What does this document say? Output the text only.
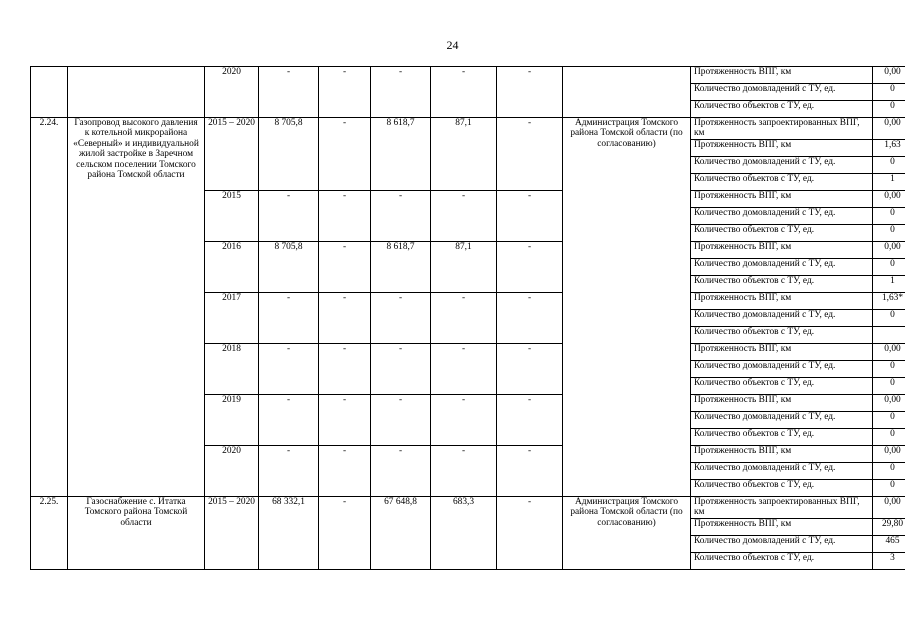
24
		2020	-	-	-	-	-		Протяженность ВПГ, км	0,00
									Количество домовладений с ТУ, ед.	0
									Количество объектов с ТУ, ед.	0
2.24.	Газопровод высокого давления к котельной микрорайона «Северный» и индивидуальной жилой застройке в Заречном сельском поселении Томского района Томской области	2015 – 2020	8 705,8	-	8 618,7	87,1	-	Администрация Томского района Томской области (по согласованию)	Протяженность запроектированных ВПГ, км	0,00
									Протяженность ВПГ, км	1,63
									Количество домовладений с ТУ, ед.	0
									Количество объектов с ТУ, ед.	1
		2015	-	-	-	-	-		Протяженность ВПГ, км	0,00
									Количество домовладений с ТУ, ед.	0
									Количество объектов с ТУ, ед.	0
		2016	8 705,8	-	8 618,7	87,1	-		Протяженность ВПГ, км	0,00
									Количество домовладений с ТУ, ед.	0
									Количество объектов с ТУ, ед.	1
		2017	-	-	-	-	-		Протяженность ВПГ, км	1,63*
									Количество домовладений с ТУ, ед.	0
									Количество объектов с ТУ, ед.	
		2018	-	-	-	-	-		Протяженность ВПГ, км	0,00
									Количество домовладений с ТУ, ед.	0
									Количество объектов с ТУ, ед.	0
		2019	-	-	-	-	-		Протяженность ВПГ, км	0,00
									Количество домовладений с ТУ, ед.	0
									Количество объектов с ТУ, ед.	0
		2020	-	-	-	-	-		Протяженность ВПГ, км	0,00
									Количество домовладений с ТУ, ед.	0
									Количество объектов с ТУ, ед.	0
2.25.	Газоснабжение с. Итатка Томского района Томской области	2015 – 2020	68 332,1	-	67 648,8	683,3	-	Администрация Томского района Томской области (по согласованию)	Протяженность запроектированных ВПГ, км	0,00
									Протяженность ВПГ, км	29,80
									Количество домовладений с ТУ, ед.	465
									Количество объектов с ТУ, ед.	3
